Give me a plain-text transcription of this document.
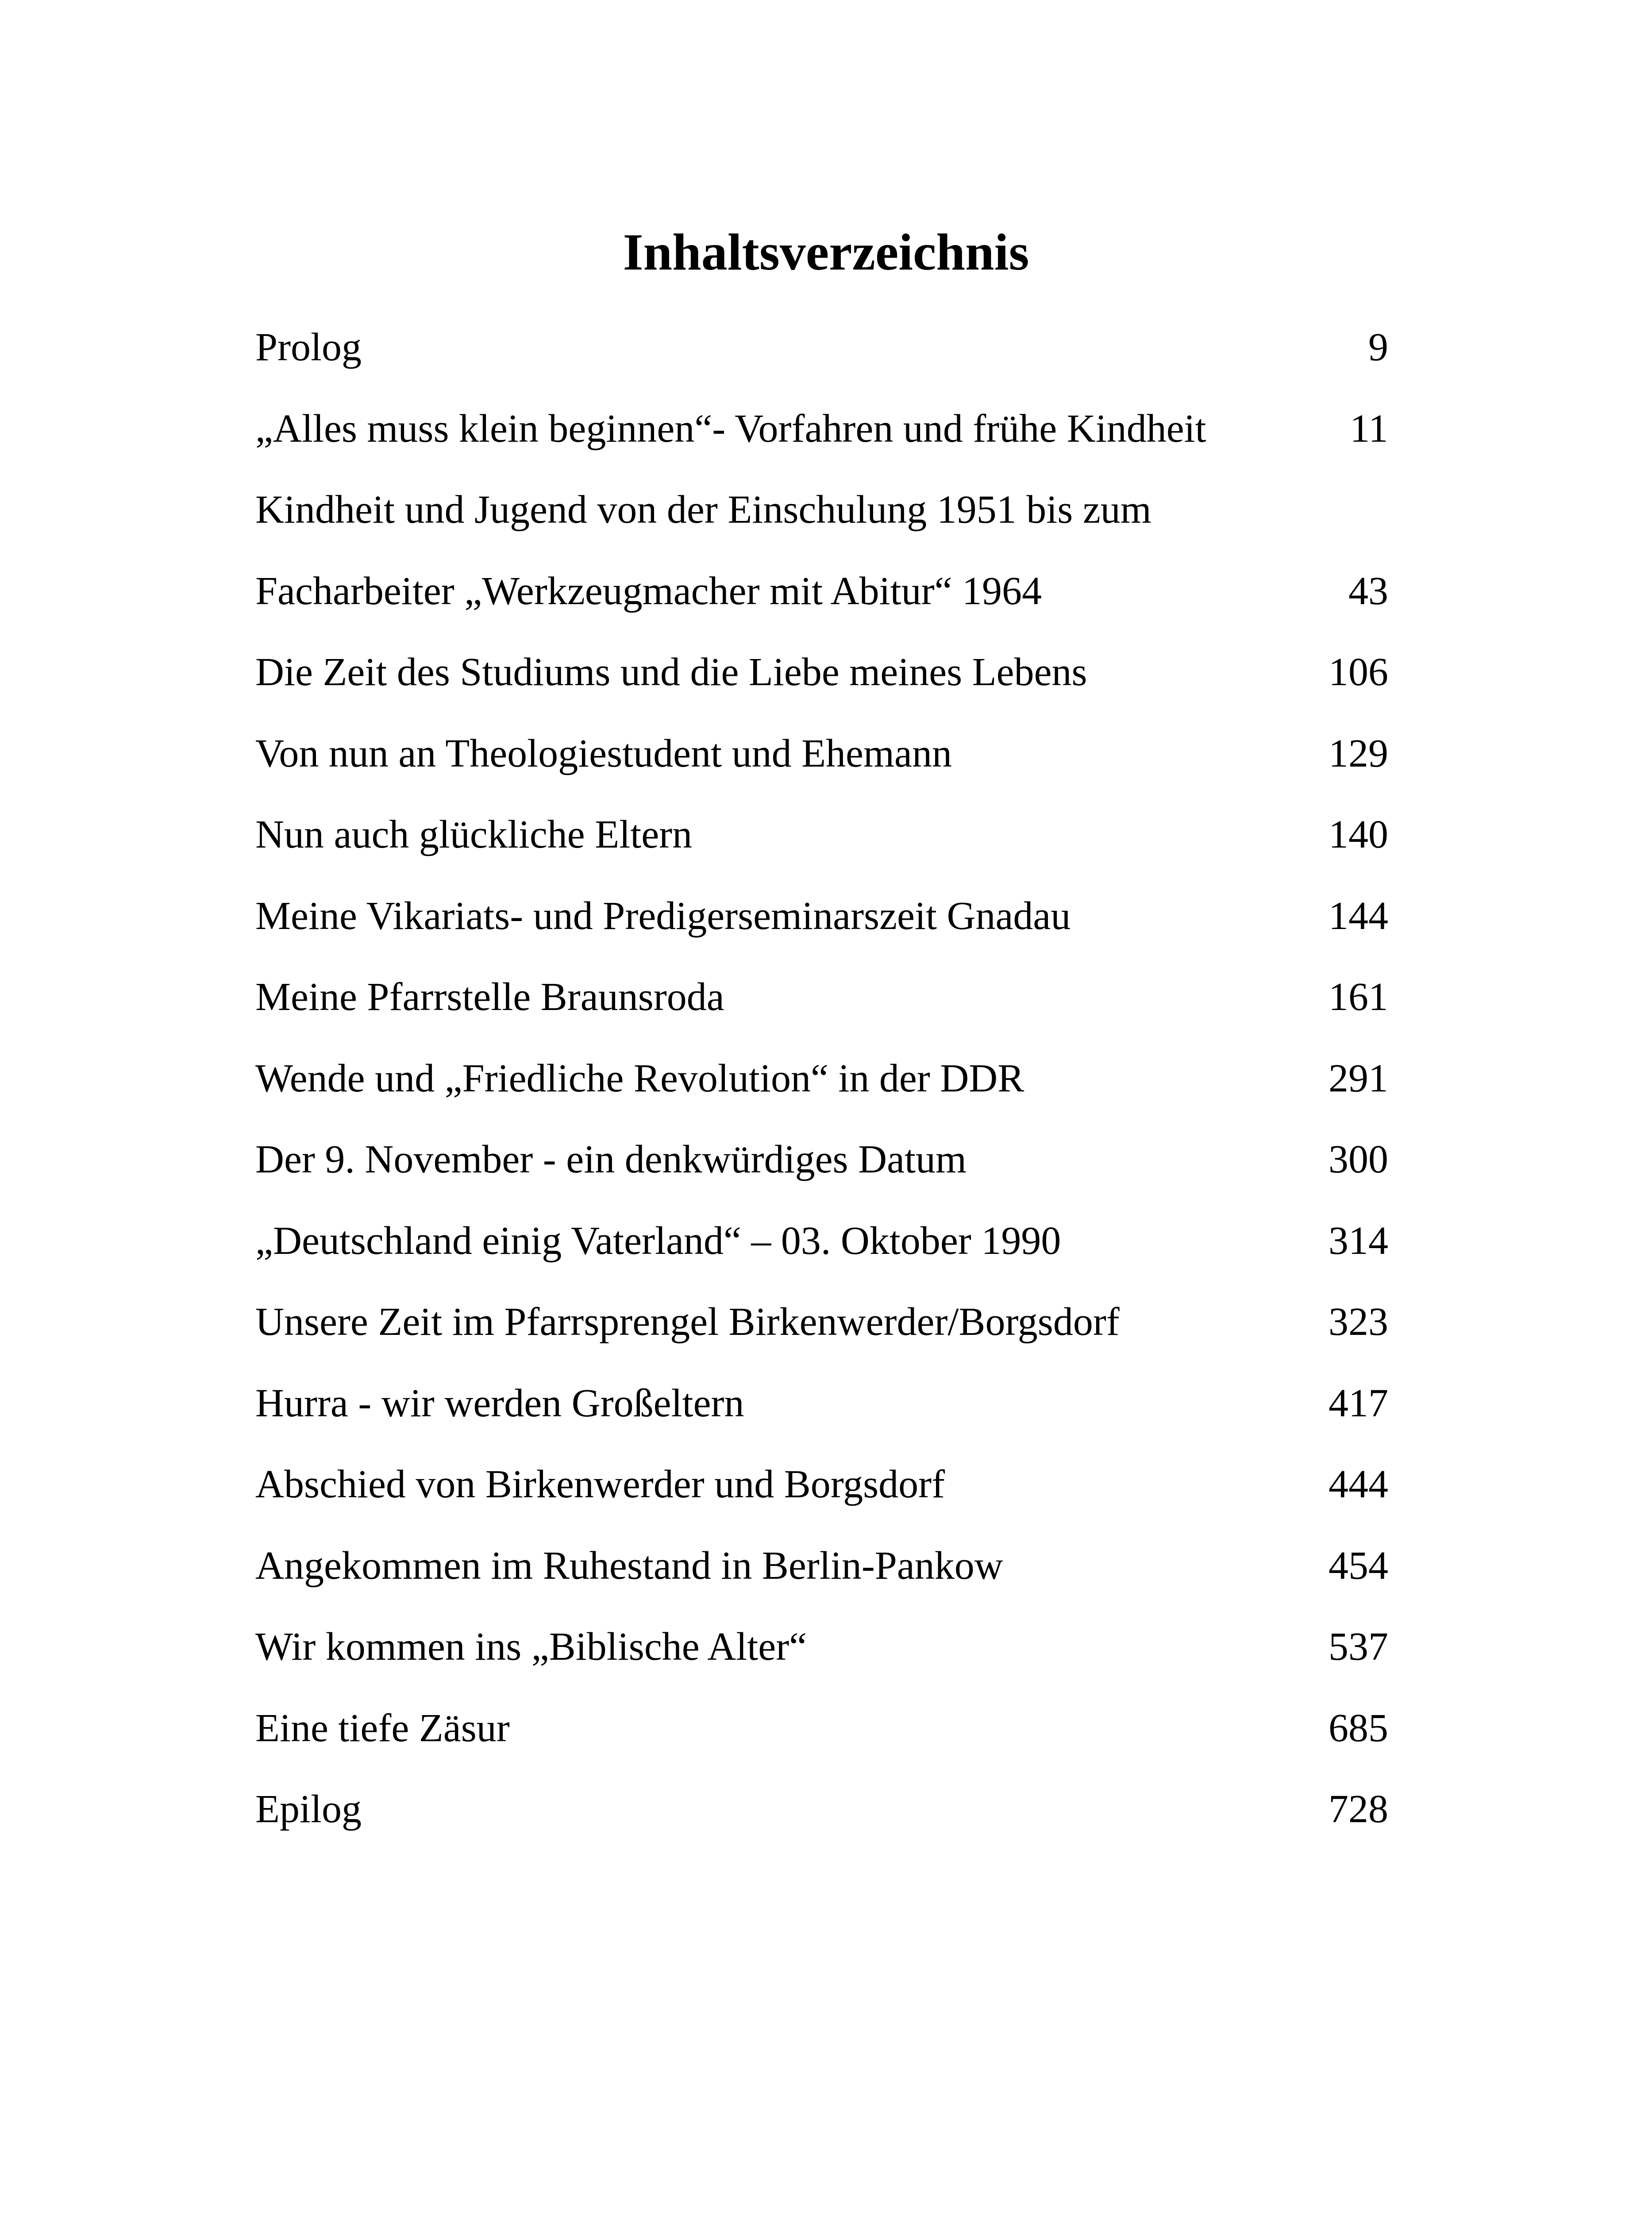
Inhaltsverzeichnis
Prolog	9
„Alles muss klein beginnen“- Vorfahren und frühe Kindheit	11
Kindheit und Jugend von der Einschulung 1951 bis zum
Facharbeiter „Werkzeugmacher mit Abitur“ 1964	43
Die Zeit des Studiums und die Liebe meines Lebens	106
Von nun an Theologiestudent und Ehemann	129
Nun auch glückliche Eltern	140
Meine Vikariats- und Predigerseminarszeit Gnadau	144
Meine Pfarrstelle Braunsroda	161
Wende und „Friedliche Revolution“ in der DDR	291
Der 9. November - ein denkwürdiges Datum	300
„Deutschland einig Vaterland“ – 03. Oktober 1990	314
Unsere Zeit im Pfarrsprengel Birkenwerder/Borgsdorf	323
Hurra - wir werden Großeltern	417
Abschied von Birkenwerder und Borgsdorf	444
Angekommen im Ruhestand in Berlin-Pankow	454
Wir kommen ins „Biblische Alter“	537
Eine tiefe Zäsur	685
Epilog	728
